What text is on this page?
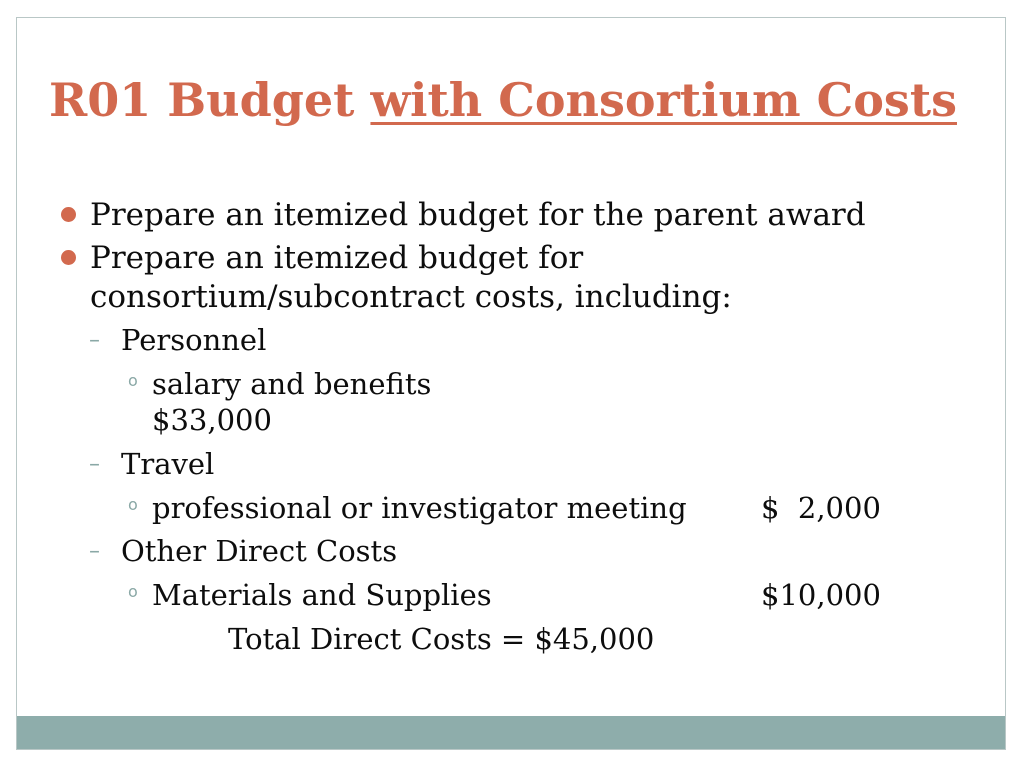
R01 Budget with Consortium Costs
Prepare an itemized budget for the parent award
Prepare an itemized budget for
consortium/subcontract costs, including:
– Personnel
o salary and benefits
$33,000
– Travel
o professional or investigator meeting	$  2,000
– Other Direct Costs
o Materials and Supplies	$10,000
Total Direct Costs = $45,000
